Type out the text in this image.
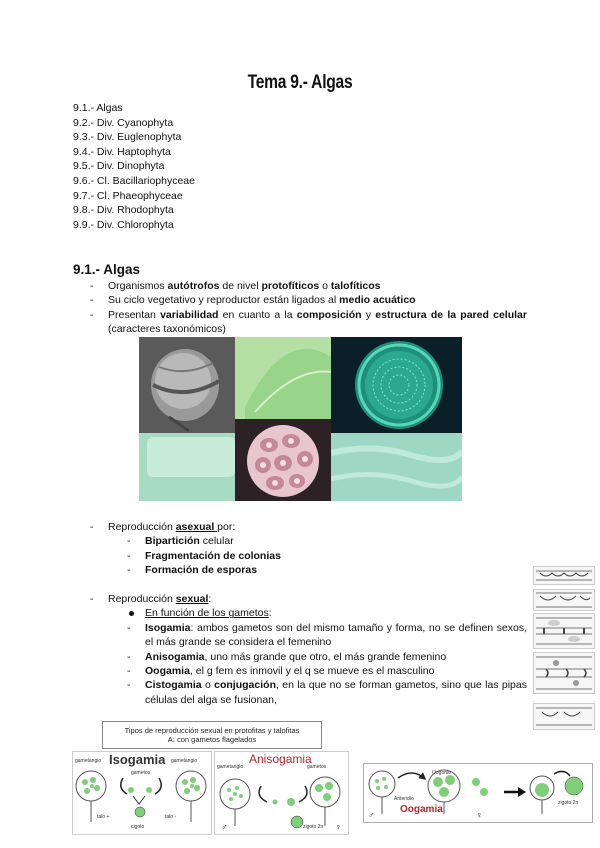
Tema 9.- Algas
9.1.- Algas
9.2.- Div. Cyanophyta
9.3.- Div. Euglenophyta
9.4.- Div. Haptophyta
9.5.- Div. Dinophyta
9.6.- Cl. Bacillariophyceae
9.7.- Cl. Phaeophyceae
9.8.- Div. Rhodophyta
9.9.- Div. Chlorophyta
9.1.- Algas
- Organismos autótrofos de nivel protofíticos o talofíticos
- Su ciclo vegetativo y reproductor están ligados al medio acuático
- Presentan variabilidad en cuanto a la composición y estructura de la pared celular (caracteres taxonómicos)
- Reproducción asexual por:
- Bipartición celular
- Fragmentación de colonias
- Formación de esporas
- Reproducción sexual:
En función de los gametos:
- Isogamia: ambos gametos son del mismo tamaño y forma, no se definen sexos, el más grande se considera el femenino
- Anisogamia, uno más grande que otro, el más grande femenino
- Oogamia, el g fem es inmovil y el q se mueve es el masculino
- Cistogamia o conjugación, en la que no se forman gametos, sino que las pipas células del alga se fusionan,
Tipos de reproducción sexual en protofitas y talofitas
A: con gametos flagelados
Isogamia
gametangio	gametangio
gametos
talo +	talo -
cigoto
Anisogamia
gametangio	gametos
♂	♀
zigoto 2n
♂	♀
Anteridio
Oogonio
Oogamia
zigoto 2n
